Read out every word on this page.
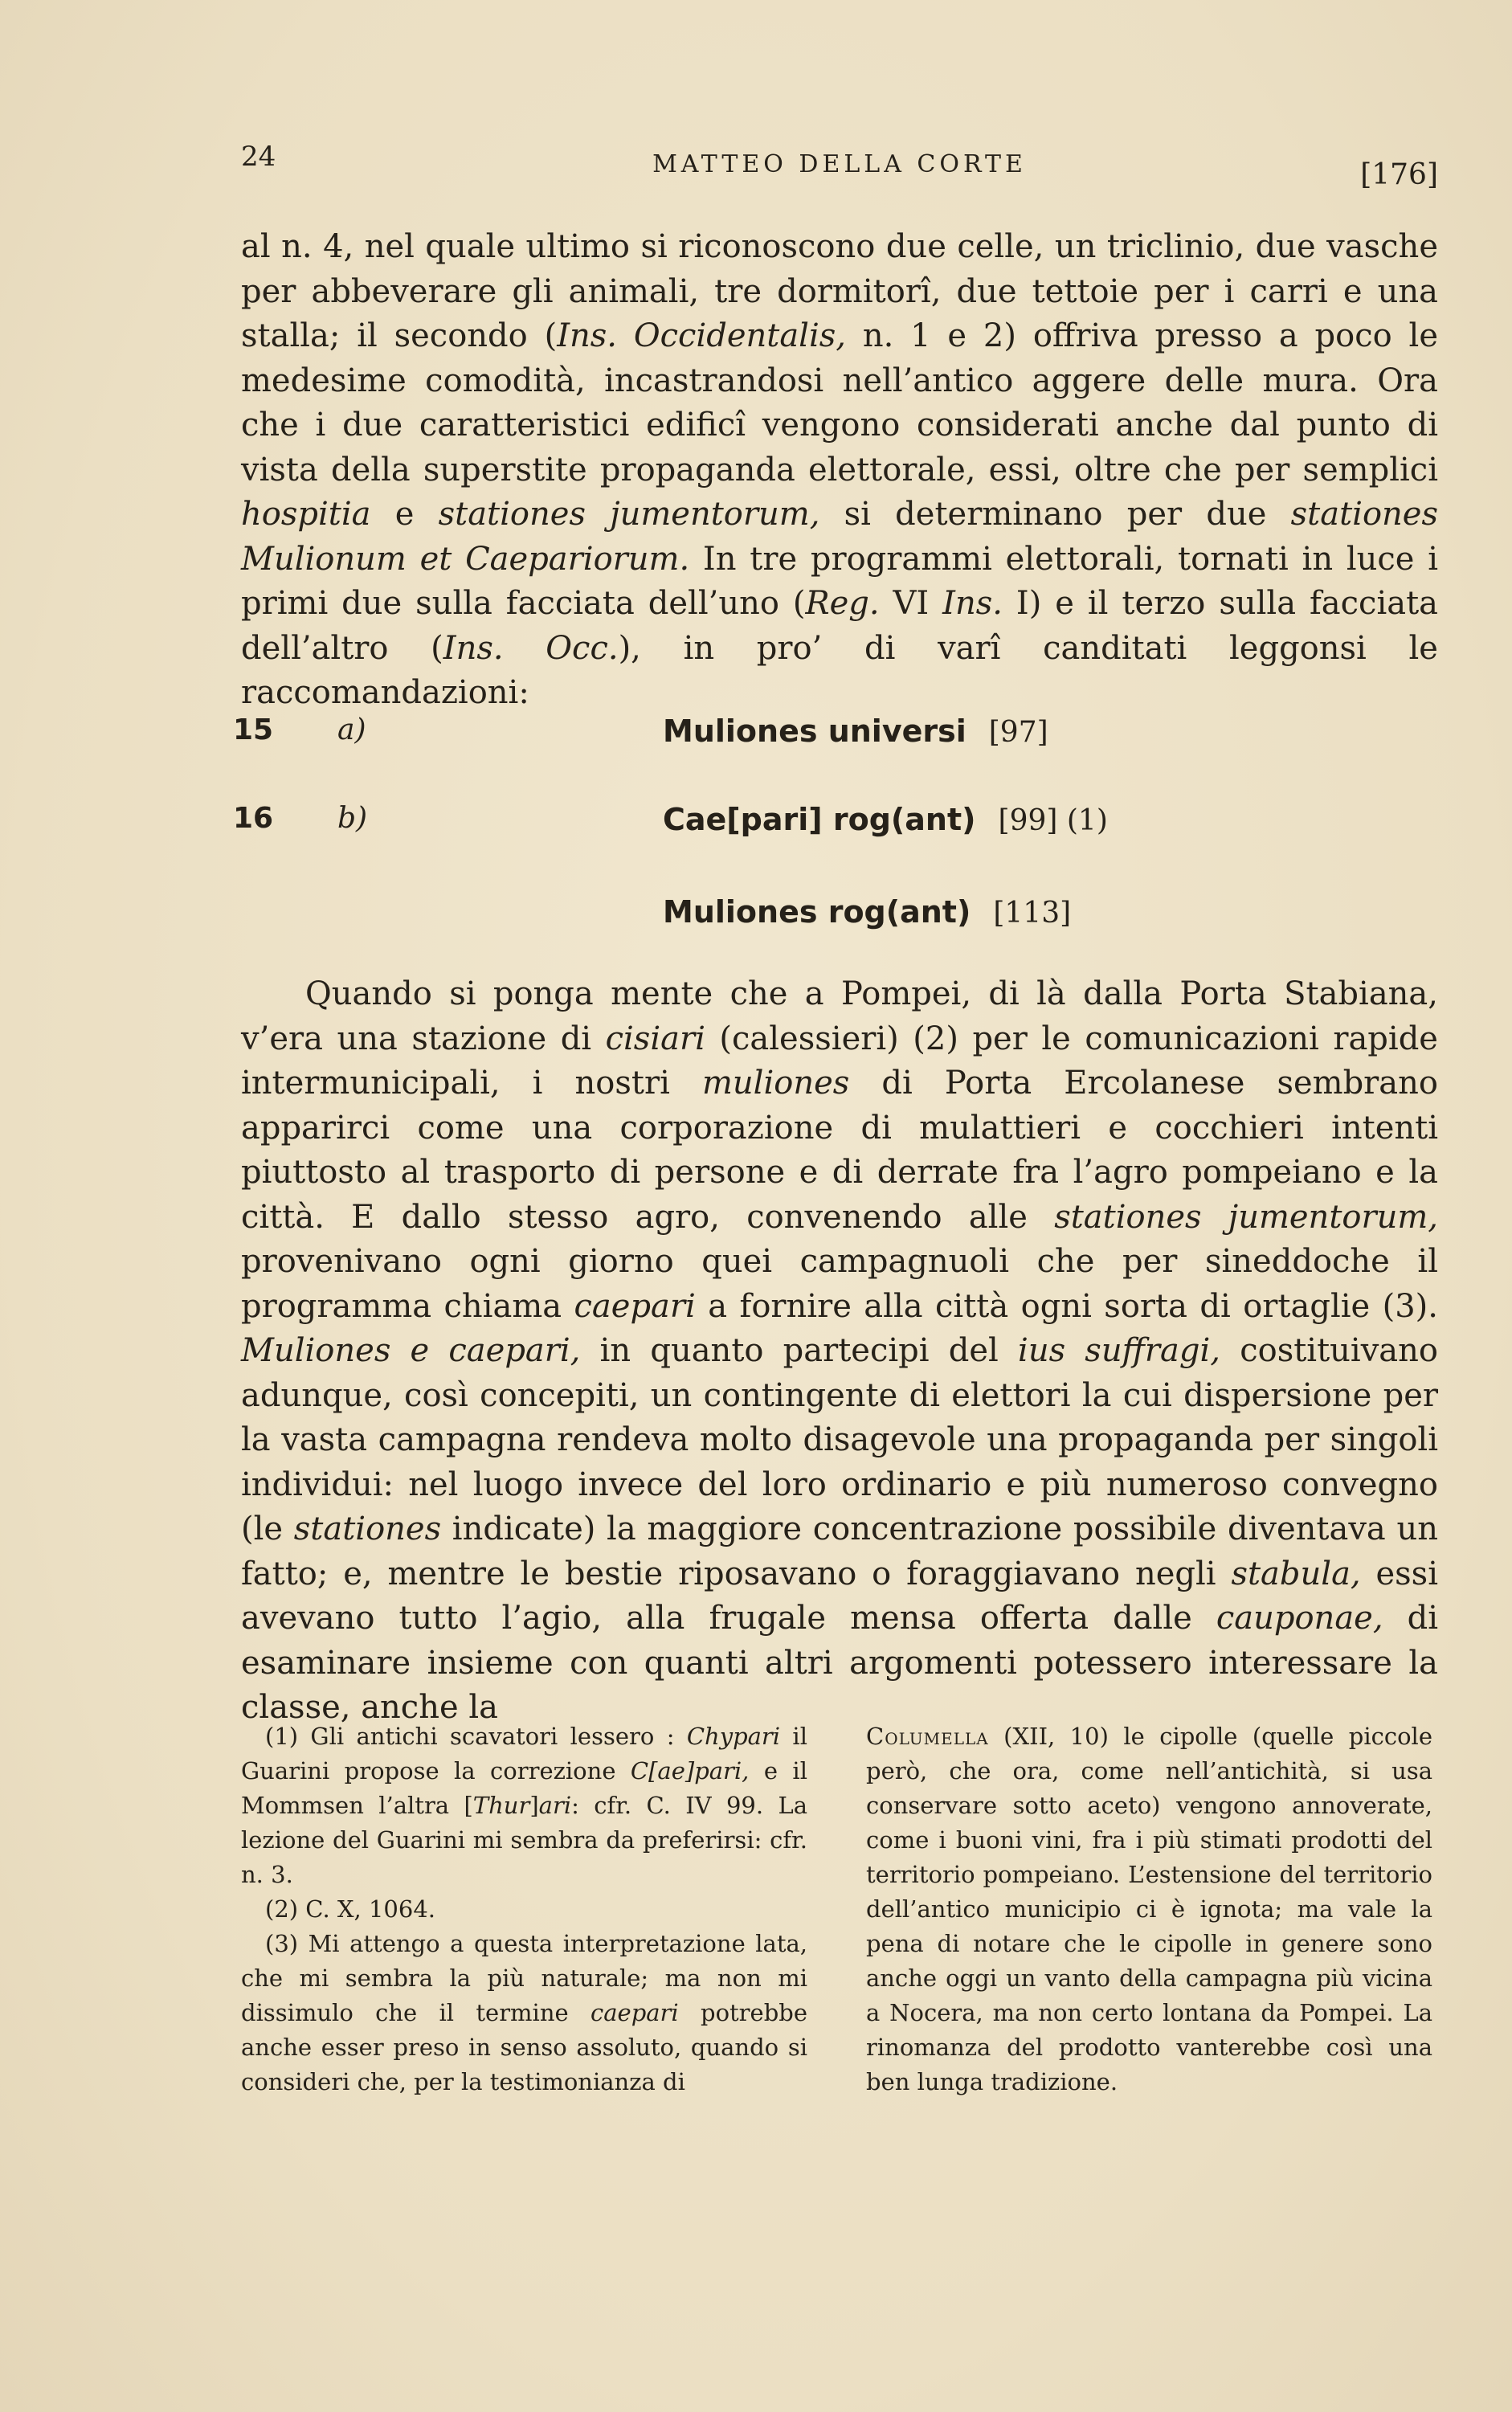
24	MATTEO DELLA CORTE	[176]

al n. 4, nel quale ultimo si riconoscono due celle, un triclinio, due vasche per abbeverare gli animali, tre dormitorî, due tettoie per i carri e una stalla; il secondo (Ins. Occidentalis, n. 1 e 2) offriva presso a poco le medesime comodità, incastrandosi nell’antico aggere delle mura. Ora che i due caratteristici edificî vengono considerati anche dal punto di vista della superstite propaganda elettorale, essi, oltre che per semplici hospitia e stationes jumentorum, si determinano per due stationes Mulionum et Caepariorum. In tre programmi elettorali, tornati in luce i primi due sulla facciata dell’uno (Reg. VI Ins. I) e il terzo sulla facciata dell’altro (Ins. Occ.), in pro’ di varî canditati leggonsi le raccomandazioni:

15 a)	Muliones universi [97]
16 b)	Cae[pari] rog(ant) [99] (1)
Muliones rog(ant) [113]

Quando si ponga mente che a Pompei, di là dalla Porta Stabiana, v’era una stazione di cisiari (calessieri) (2) per le comunicazioni rapide intermunicipali, i nostri muliones di Porta Ercolanese sembrano apparirci come una corporazione di mulattieri e cocchieri intenti piuttosto al trasporto di persone e di derrate fra l’agro pompeiano e la città. E dallo stesso agro, convenendo alle stationes jumentorum, provenivano ogni giorno quei campagnuoli che per sineddoche il programma chiama caepari a fornire alla città ogni sorta di ortaglie (3). Muliones e caepari, in quanto partecipi del ius suffragi, costituivano adunque, così concepiti, un contingente di elettori la cui dispersione per la vasta campagna rendeva molto disagevole una propaganda per singoli individui: nel luogo invece del loro ordinario e più numeroso convegno (le stationes indicate) la maggiore concentrazione possibile diventava un fatto; e, mentre le bestie riposavano o foraggiavano negli stabula, essi avevano tutto l’agio, alla frugale mensa offerta dalle cauponae, di esaminare insieme con quanti altri argomenti potessero interessare la classe, anche la

(1) Gli antichi scavatori lessero : Chypari il Guarini propose la correzione C[ae]pari, e il Mommsen l’altra [Thur]ari: cfr. C. IV 99. La lezione del Guarini mi sembra da preferirsi: cfr. n. 3.

(2) C. X, 1064.

(3) Mi attengo a questa interpretazione lata, che mi sembra la più naturale; ma non mi dissimulo che il termine caepari potrebbe anche esser preso in senso assoluto, quando si consideri che, per la testimonianza di

Columella (XII, 10) le cipolle (quelle piccole però, che ora, come nell’antichità, si usa conservare sotto aceto) vengono annoverate, come i buoni vini, fra i più stimati prodotti del territorio pompeiano. L’estensione del territorio dell’antico municipio ci è ignota; ma vale la pena di notare che le cipolle in genere sono anche oggi un vanto della campagna più vicina a Nocera, ma non certo lontana da Pompei. La rinomanza del prodotto vanterebbe così una ben lunga tradizione.
